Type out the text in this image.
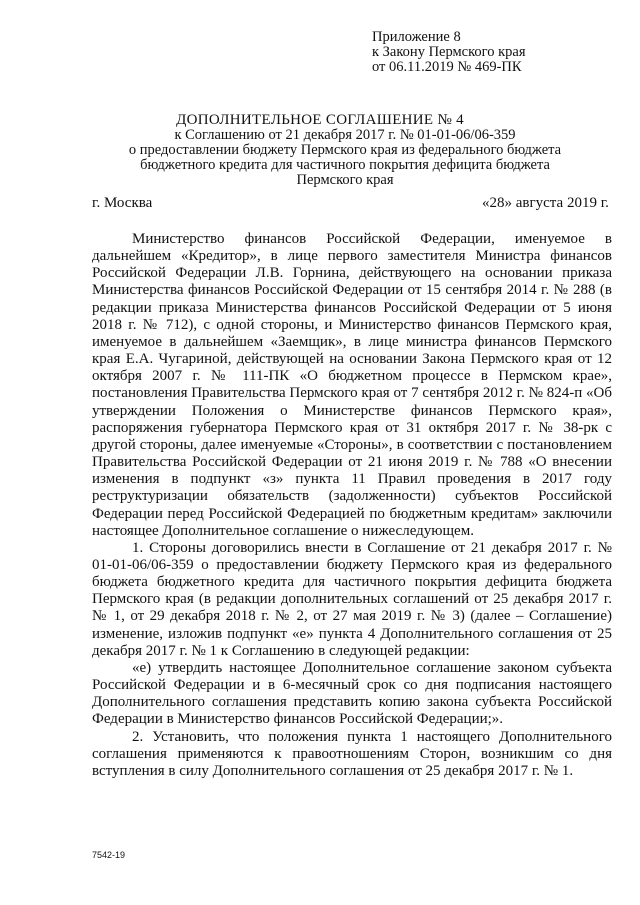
Приложение 8
к Закону Пермского края
от 06.11.2019 № 469-ПК
ДОПОЛНИТЕЛЬНОЕ СОГЛАШЕНИЕ № 4
к Соглашению от 21 декабря 2017 г. № 01-01-06/06-359
о предоставлении бюджету Пермского края из федерального бюджета
бюджетного кредита для частичного покрытия дефицита бюджета
Пермского края
г. Москва	«28» августа 2019 г.

Министерство финансов Российской Федерации, именуемое в дальнейшем «Кредитор», в лице первого заместителя Министра финансов Российской Федерации Л.В. Горнина, действующего на основании приказа Министерства финансов Российской Федерации от 15 сентября 2014 г. № 288 (в редакции приказа Министерства финансов Российской Федерации от 5 июня 2018 г. № 712), с одной стороны, и Министерство финансов Пермского края, именуемое в дальнейшем «Заемщик», в лице министра финансов Пермского края Е.А. Чугариной, действующей на основании Закона Пермского края от 12 октября 2007 г. № 111-ПК «О бюджетном процессе в Пермском крае», постановления Правительства Пермского края от 7 сентября 2012 г. № 824-п «Об утверждении Положения о Министерстве финансов Пермского края», распоряжения губернатора Пермского края от 31 октября 2017 г. № 38-рк с другой стороны, далее именуемые «Стороны», в соответствии с постановлением Правительства Российской Федерации от 21 июня 2019 г. № 788 «О внесении изменения в подпункт «з» пункта 11 Правил проведения в 2017 году реструктуризации обязательств (задолженности) субъектов Российской Федерации перед Российской Федерацией по бюджетным кредитам» заключили настоящее Дополнительное соглашение о нижеследующем.

1. Стороны договорились внести в Соглашение от 21 декабря 2017 г. № 01-01-06/06-359 о предоставлении бюджету Пермского края из федерального бюджета бюджетного кредита для частичного покрытия дефицита бюджета Пермского края (в редакции дополнительных соглашений от 25 декабря 2017 г. № 1, от 29 декабря 2018 г. № 2, от 27 мая 2019 г. № 3) (далее – Соглашение) изменение, изложив подпункт «е» пункта 4 Дополнительного соглашения от 25 декабря 2017 г. № 1 к Соглашению в следующей редакции:

«е) утвердить настоящее Дополнительное соглашение законом субъекта Российской Федерации и в 6-месячный срок со дня подписания настоящего Дополнительного соглашения представить копию закона субъекта Российской Федерации в Министерство финансов Российской Федерации;».

2. Установить, что положения пункта 1 настоящего Дополнительного соглашения применяются к правоотношениям Сторон, возникшим со дня вступления в силу Дополнительного соглашения от 25 декабря 2017 г. № 1.

7542-19
